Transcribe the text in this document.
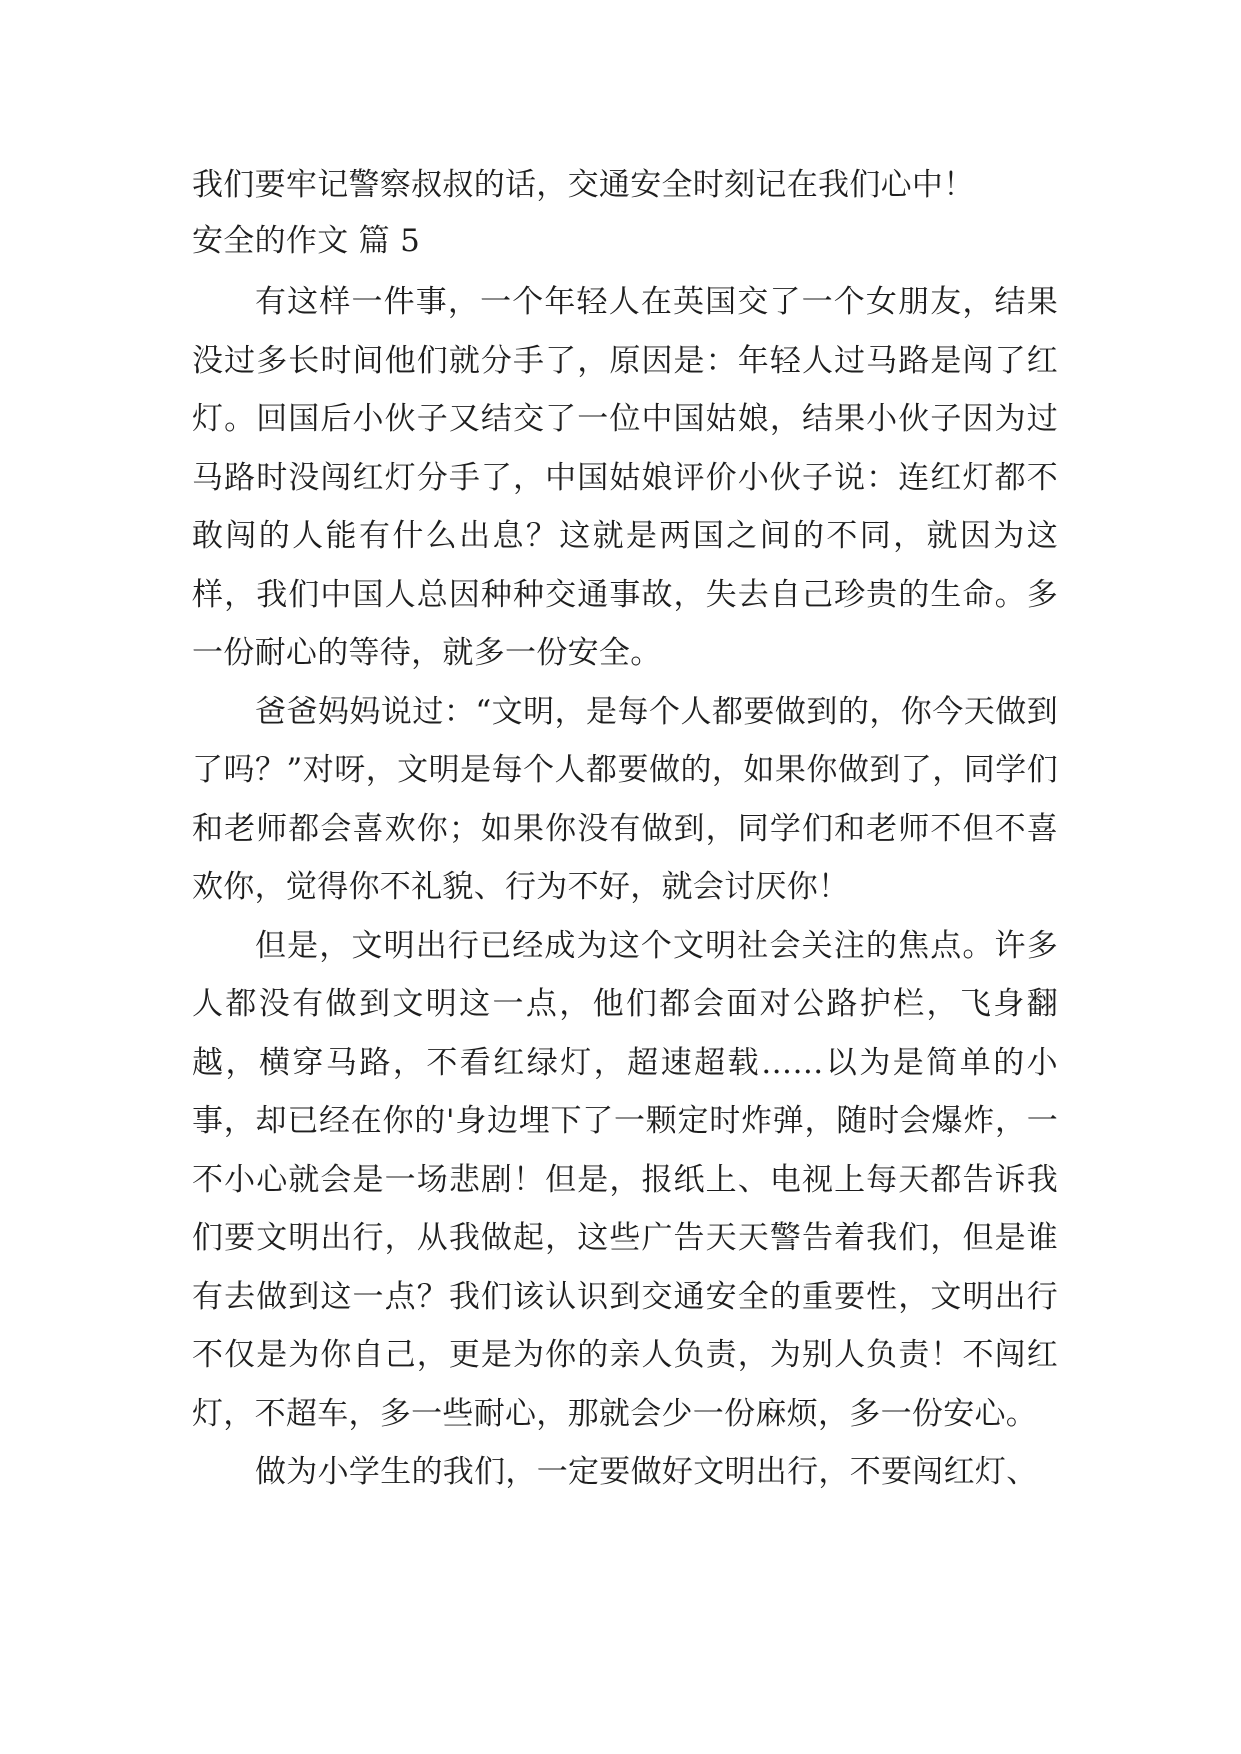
我们要牢记警察叔叔的话，交通安全时刻记在我们心中！

安全的作文 篇 5

有这样一件事，一个年轻人在英国交了一个女朋友，结果没过多长时间他们就分手了，原因是：年轻人过马路是闯了红灯。回国后小伙子又结交了一位中国姑娘，结果小伙子因为过马路时没闯红灯分手了，中国姑娘评价小伙子说：连红灯都不敢闯的人能有什么出息？这就是两国之间的不同，就因为这样，我们中国人总因种种交通事故，失去自己珍贵的生命。多一份耐心的等待，就多一份安全。

爸爸妈妈说过：“文明，是每个人都要做到的，你今天做到了吗？”对呀，文明是每个人都要做的，如果你做到了，同学们和老师都会喜欢你；如果你没有做到，同学们和老师不但不喜欢你，觉得你不礼貌、行为不好，就会讨厌你！

但是，文明出行已经成为这个文明社会关注的焦点。许多人都没有做到文明这一点，他们都会面对公路护栏，飞身翻越，横穿马路，不看红绿灯，超速超载……以为是简单的小事，却已经在你的'身边埋下了一颗定时炸弹，随时会爆炸，一不小心就会是一场悲剧！但是，报纸上、电视上每天都告诉我们要文明出行，从我做起，这些广告天天警告着我们，但是谁有去做到这一点？我们该认识到交通安全的重要性，文明出行不仅是为你自己，更是为你的亲人负责，为别人负责！不闯红灯，不超车，多一些耐心，那就会少一份麻烦，多一份安心。

做为小学生的我们，一定要做好文明出行，不要闯红灯、
